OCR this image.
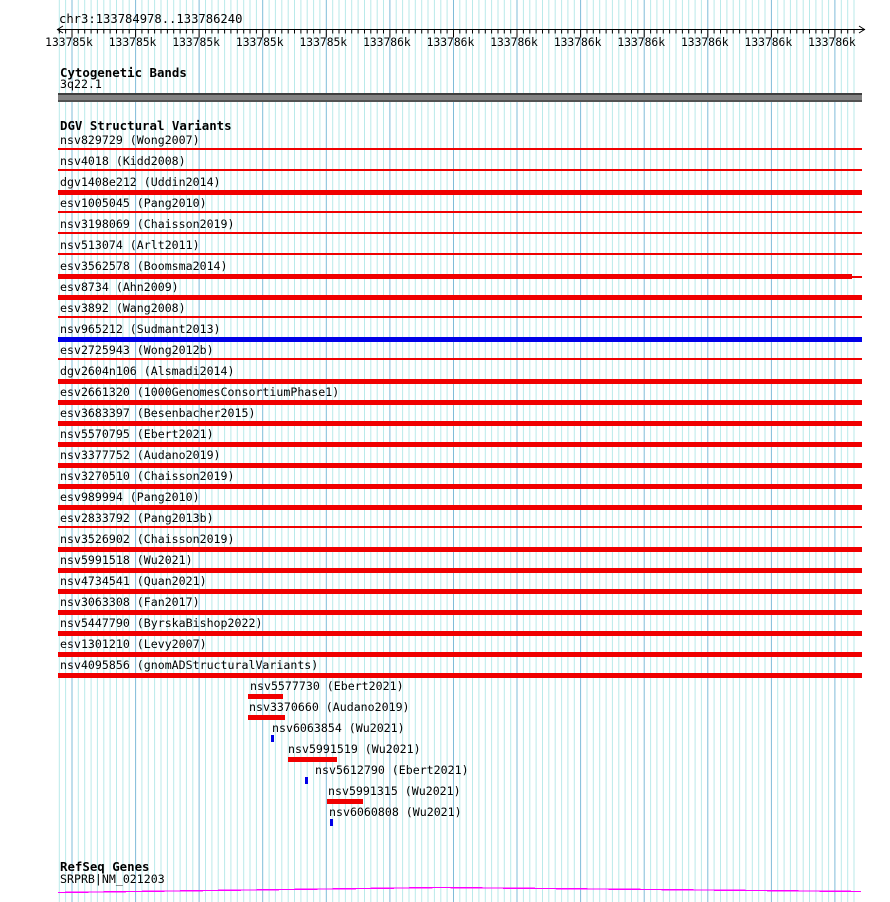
chr3:133784978..133786240
133785k	133785k	133785k	133785k	133785k	133786k	133786k	133786k	133786k	133786k	133786k	133786k	133786k
Cytogenetic Bands
3q22.1
DGV Structural Variants
nsv829729 (Wong2007)
nsv4018 (Kidd2008)
dgv1408e212 (Uddin2014)
esv1005045 (Pang2010)
nsv3198069 (Chaisson2019)
nsv513074 (Arlt2011)
esv3562578 (Boomsma2014)
esv8734 (Ahn2009)
esv3892 (Wang2008)
nsv965212 (Sudmant2013)
esv2725943 (Wong2012b)
dgv2604n106 (Alsmadi2014)
esv2661320 (1000GenomesConsortiumPhase1)
esv3683397 (Besenbacher2015)
nsv5570795 (Ebert2021)
nsv3377752 (Audano2019)
nsv3270510 (Chaisson2019)
esv989994 (Pang2010)
esv2833792 (Pang2013b)
nsv3526902 (Chaisson2019)
nsv5991518 (Wu2021)
nsv4734541 (Quan2021)
nsv3063308 (Fan2017)
nsv5447790 (ByrskaBishop2022)
esv1301210 (Levy2007)
nsv4095856 (gnomADStructuralVariants)
nsv5577730 (Ebert2021)
nsv3370660 (Audano2019)
nsv6063854 (Wu2021)
nsv5991519 (Wu2021)
nsv5612790 (Ebert2021)
nsv5991315 (Wu2021)
nsv6060808 (Wu2021)
RefSeq Genes
SRPRB|NM_021203
